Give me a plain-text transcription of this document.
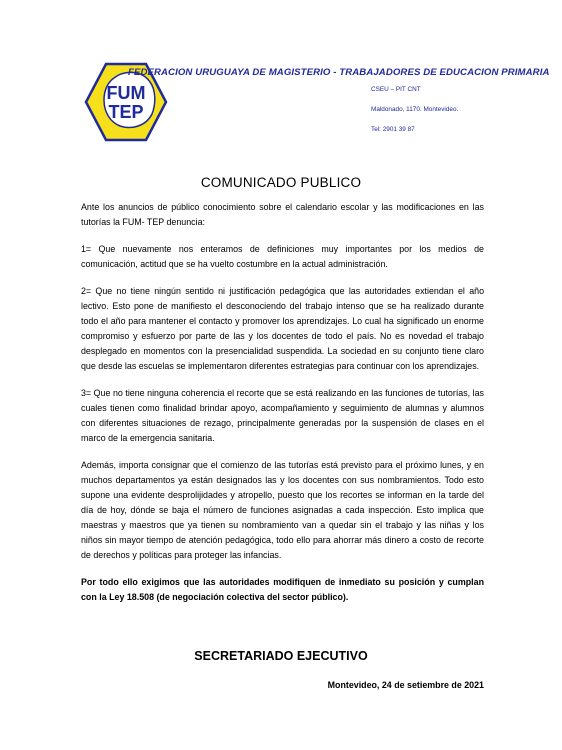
FUM
TEP
FEDERACION URUGUAYA DE MAGISTERIO - TRABAJADORES DE EDUCACION PRIMARIA
CSEU – PIT CNT
Maldonado, 1170. Montevideo.
Tel: 2901 39 87
COMUNICADO PUBLICO

Ante los anuncios de público conocimiento sobre el calendario escolar y las modificaciones en las tutorías la FUM- TEP denuncia:

1= Que nuevamente nos enteramos de definiciones muy importantes por los medios de comunicación, actitud que se ha vuelto costumbre en la actual administración.

2= Que no tiene ningún sentido ni justificación pedagógica que las autoridades extiendan el año lectivo. Esto pone de manifiesto el desconociendo del trabajo intenso que se ha realizado durante todo el año para mantener el contacto y promover los aprendizajes. Lo cual ha significado un enorme compromiso y esfuerzo por parte de las y los docentes de todo el país. No es novedad el trabajo desplegado en momentos con la presencialidad suspendida. La sociedad en su conjunto tiene claro que desde las escuelas se implementaron diferentes estrategias para continuar con los aprendizajes.

3= Que no tiene ninguna coherencia el recorte que se está realizando en las funciones de tutorías, las cuales tienen como finalidad brindar apoyo, acompañamiento y seguimiento de alumnas y alumnos con diferentes situaciones de rezago, principalmente generadas por la suspensión de clases en el marco de la emergencia sanitaria.

Además, importa consignar que el comienzo de las tutorías está previsto para el próximo lunes, y en muchos departamentos ya están designados las y los docentes con sus nombramientos. Todo esto supone una evidente desprolijidades y atropello, puesto que los recortes se informan en la tarde del día de hoy, dónde se baja el número de funciones asignadas a cada inspección. Esto implica que maestras y maestros que ya tienen su nombramiento van a quedar sin el trabajo y las niñas y los niños sin mayor tiempo de atención pedagógica, todo ello para ahorrar más dinero a costo de recorte de derechos y políticas para proteger las infancias.

Por todo ello exigimos que las autoridades modifiquen de inmediato su posición y cumplan con la Ley 18.508 (de negociación colectiva del sector público).

SECRETARIADO EJECUTIVO
Montevideo, 24 de setiembre de 2021
